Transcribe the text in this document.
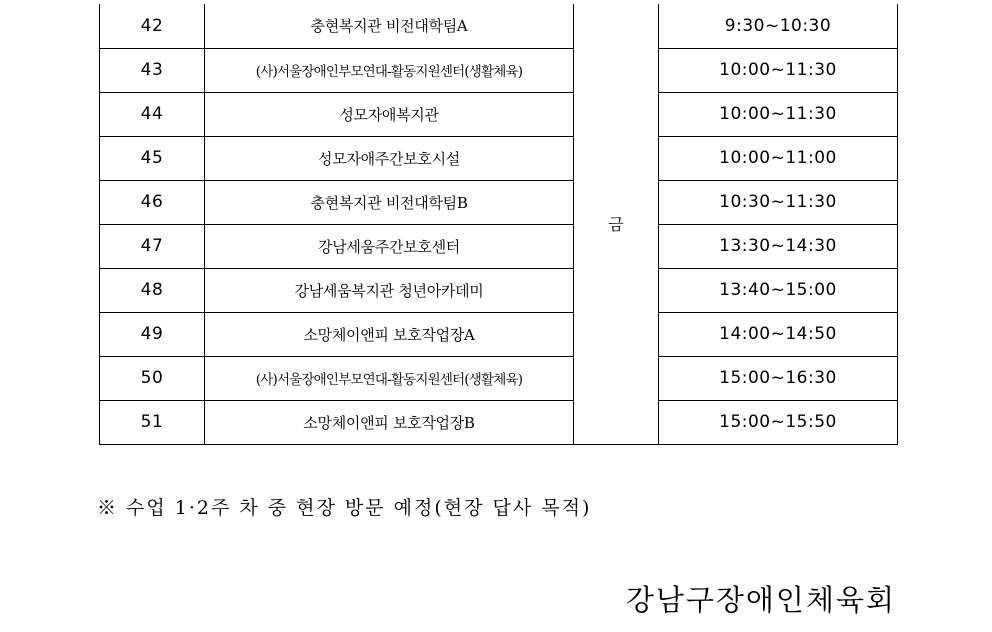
42	충현복지관 비전대학팀A	금	9:30~10:30
43	(사)서울장애인부모연대-활동지원센터(생활체육)		10:00~11:30
44	성모자애복지관		10:00~11:30
45	성모자애주간보호시설		10:00~11:00
46	충현복지관 비전대학팀B		10:30~11:30
47	강남세움주간보호센터		13:30~14:30
48	강남세움복지관 청년아카데미		13:40~15:00
49	소망체이앤피 보호작업장A		14:00~14:50
50	(사)서울장애인부모연대-활동지원센터(생활체육)		15:00~16:30
51	소망체이앤피 보호작업장B		15:00~15:50
※ 수업 1·2주 차 중 현장 방문 예정(현장 답사 목적)
강남구장애인체육회
